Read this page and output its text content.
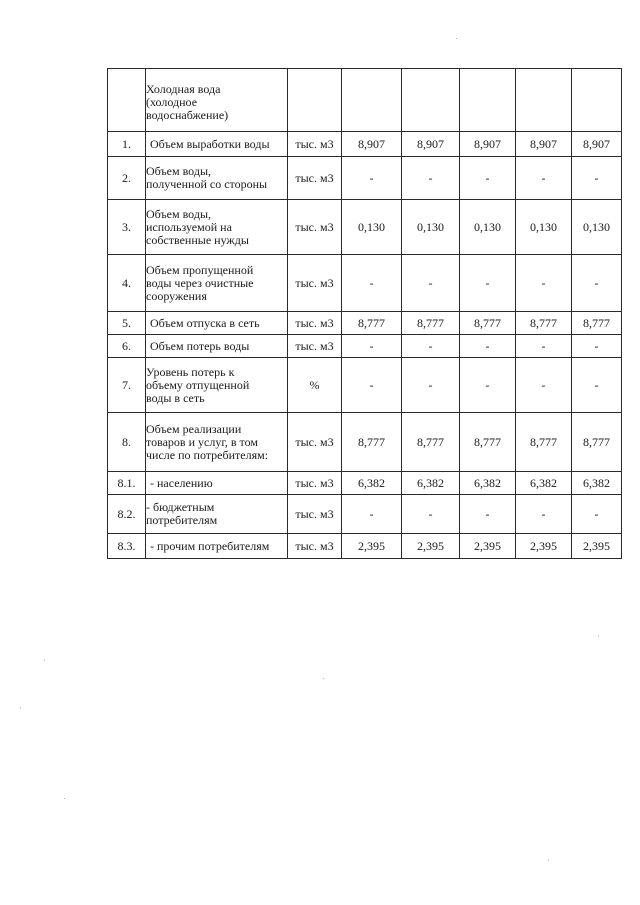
	Холодная вода
(холодное
водоснабжение)						

1.	Объем выработки воды	тыс. м3	8,907	8,907	8,907	8,907	8,907
2.	Объем воды,
полученной со стороны	тыс. м3	-	-	-	-	-
3.	Объем воды,
используемой на
собственные нужды	тыс. м3	0,130	0,130	0,130	0,130	0,130
4.	Объем пропущенной
воды через очистные
сооружения	тыс. м3	-	-	-	-	-
5.	Объем отпуска в сеть	тыс. м3	8,777	8,777	8,777	8,777	8,777
6.	Объем потерь воды	тыс. м3	-	-	-	-	-
7.	Уровень потерь к
объему отпущенной
воды в сеть	%	-	-	-	-	-
8.	Объем реализации
товаров и услуг, в том
числе по потребителям:	тыс. м3	8,777	8,777	8,777	8,777	8,777
8.1.	- населению	тыс. м3	6,382	6,382	6,382	6,382	6,382
8.2.	- бюджетным
потребителям	тыс. м3	-	-	-	-	-
8.3.	- прочим потребителям	тыс. м3	2,395	2,395	2,395	2,395	2,395
